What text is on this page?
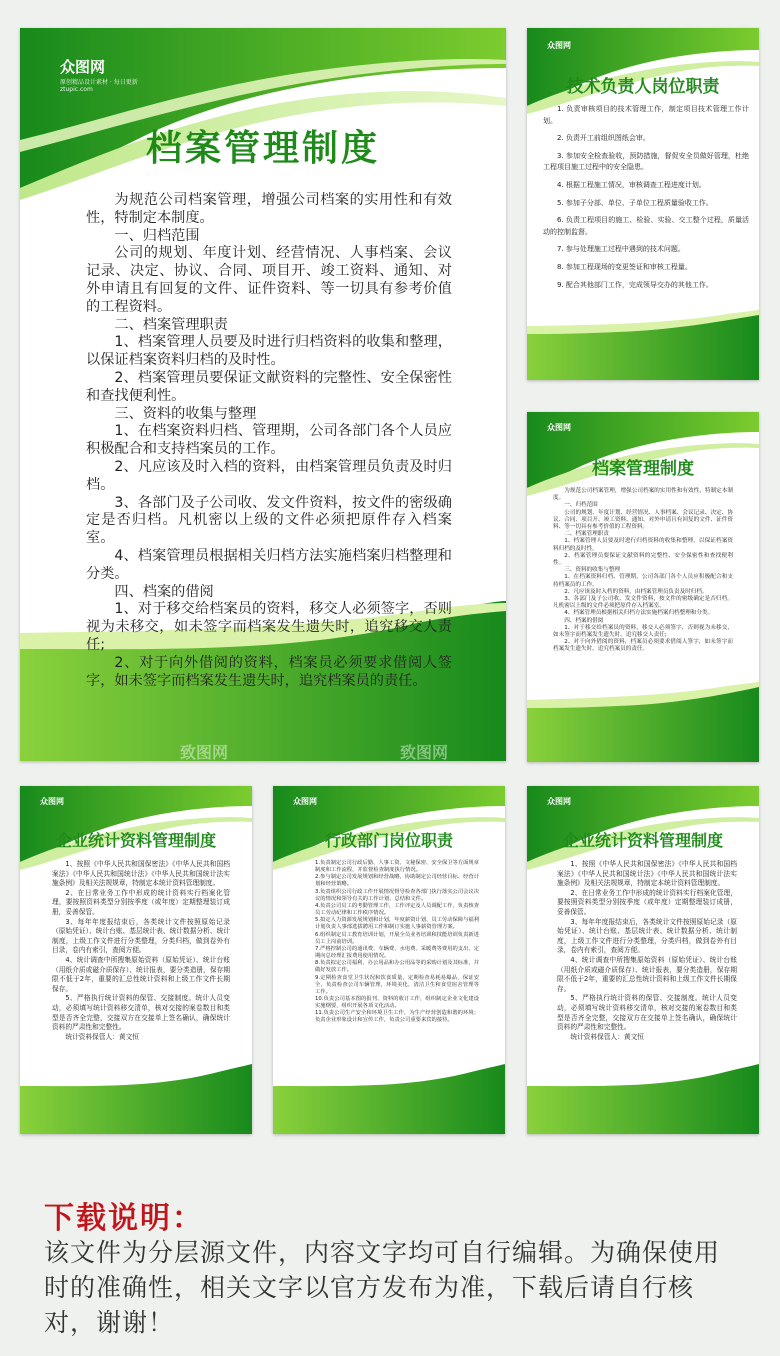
众图网
原创精品设计素材 · 每日更新
ztupic.com
档案管理制度

为规范公司档案管理，增强公司档案的实用性和有效性，特制定本制度。

一、归档范围

公司的规划、年度计划、经营情况、人事档案、会议记录、决定、协议、合同、项目开、竣工资料、通知、对外申请且有回复的文件、证件资料、等一切具有参考价值的工程资料。

二、档案管理职责

1、档案管理人员要及时进行归档资料的收集和整理，以保证档案资料归档的及时性。

2、档案管理员要保证文献资料的完整性、安全保密性和查找便利性。

三、资料的收集与整理

1、在档案资料归档、管理期，公司各部门各个人员应积极配合和支持档案员的工作。

2、凡应该及时入档的资料，由档案管理员负责及时归档。

3、各部门及子公司收、发文件资料，按文件的密级确定是否归档。凡机密以上级的文件必须把原件存入档案室。

4、档案管理员根据相关归档方法实施档案归档整理和分类。

四、档案的借阅

1、对于移交给档案员的资料，移交人必须签字，否则视为未移交，如未签字而档案发生遗失时，追究移交人责任;

2、对于向外借阅的资料，档案员必须要求借阅人签字，如未签字而档案发生遗失时，追究档案员的责任。

众图网
技术负责人岗位职责

1. 负责审核项目的技术管理工作，制定项目技术管理工作计划。

2. 负责开工前组织图纸会审。

3. 参加安全检查验收，预防措施，督促安全员做好管理，杜绝工程项目施工过程中的安全隐患。

4. 根据工程施工情况，审核调查工程进度计划。

5. 参加子分部、单位、子单位工程质量验收工作。

6. 负责工程项目的施工、检验、实验、交工整个过程，质量活动的控制监督。

7. 参与处理施工过程中遇到的技术问题。

8. 参加工程现场的变更签证和审核工程量。

9. 配合其他部门工作，完成领导交办的其他工作。

众图网
档案管理制度

为规范公司档案管理，增强公司档案的实用性和有效性，特制定本制度。

一、归档范围

公司的规划、年度计划、经营情况、人事档案、会议记录、决定、协议、合同、项目开、竣工资料、通知、对外申请且有回复的文件、证件资料、等一切具有参考价值的工程资料。

二、档案管理职责

1、档案管理人员要及时进行归档资料的收集和整理，以保证档案资料归档的及时性。

2、档案管理员要保证文献资料的完整性、安全保密性和查找便利性。

三、资料的收集与整理

1、在档案资料归档、管理期，公司各部门各个人员应积极配合和支持档案员的工作。

2、凡应该及时入档的资料，由档案管理员负责及时归档。

3、各部门及子公司收、发文件资料，按文件的密级确定是否归档。凡机密以上级的文件必须把原件存入档案室。

4、档案管理员根据相关归档方法实施档案归档整理和分类。

四、档案的借阅

1、对于移交给档案员的资料，移交人必须签字，否则视为未移交，如未签字而档案发生遗失时，追究移交人责任;

2、对于向外借阅的资料，档案员必须要求借阅人签字，如未签字而档案发生遗失时，追究档案员的责任。

众图网
企业统计资料管理制度

1、按照《中华人民共和国保密法》《中华人民共和国档案法》《中华人民共和国统计法》《中华人民共和国统计法实施条例》及相关法规规章，特制定本统计资料管理制度。

2、在日常业务工作中形成的统计资料实行档案化管理，要按照资料类型分别按季度（或年度）定期整理装订成册，妥善保管。

3、每年年度报结束后，各类统计文件按照原始记录（原始凭证）、统计台账、基层统计表、统计数据分析、统计制度，上级工作文件进行分类整理，分类归档，做到卷外有目录，卷内有索引，查阅方便。

4、统计调查中所搜集原始资料（原始凭证）、统计台账（用纸介质或磁介质保存）、统计报表，要分类造册，保存期限不低于2年，重要的汇总性统计资料和上级工作文件长期保存。

5、严格执行统计资料的保管、交接制度。统计人员变动，必须填写统计资料移交清单，核对交接的案卷数目和类型是否齐全完整，交接双方在交接单上签名确认，确保统计资料的严肃性和完整性。

统计资料保管人：黄文恒

众图网
行政部门岗位职责

1.负责制定公司行政后勤、人事工资、文秘保密、安全保卫等方面规章制度和工作流程，并监督检查制度执行情况。

2.参与制定公司发展规划和经营战略，协助制定公司经营目标、经营计划和经营策略。

3.负责组织公司行政工作开展情况督导检查各部门执行落实公司会议决议的情况和领导有关的工作计划、总结和文件。

4.负责公司员工的考勤管理工作，工作评定及人员调配工作，负责核查员工劳动纪律和工作秩序情况。

5.拟定人力资源发展规划和计划，年度薪资计划、员工劳动保障与福利计划负责人事部选拔聘用工作和制订实施人事薪资管理方案。

6.组织制定员工教育培训计划，开展全员业务培训和技能培训负责新进员工上岗前培训。

7.严格控制公司的通讯费、车辆费、水电费、采暖费等费用的支出，定期向总经理汇报费用使用情况。

8.负责拟定公司福利、办公用品和办公用品等的采购计划及其标准，并做好发放工作。

9.定期检查食堂卫生状况和饮食质量，定期检查易耗易爆品，保证安全，负责检查公司车辆管理，环境美化，清洁卫生和食堂宿舍管理等工作。

10.负责公司基本图的报刊、资料的收订工作，组织制定企业文化建设实施纲要，组织开展各项文化活动。

11.负责公司生产安全和环境卫生工作，为生产经营创造和谐的环境；负责企业形象设计和宣传工作，负责公司重要来宾的接待。

众图网
企业统计资料管理制度

1、按照《中华人民共和国保密法》《中华人民共和国档案法》《中华人民共和国统计法》《中华人民共和国统计法实施条例》及相关法规规章，特制定本统计资料管理制度。

2、在日常业务工作中形成的统计资料实行档案化管理，要按照资料类型分别按季度（或年度）定期整理装订成册，妥善保管。

3、每年年度报结束后，各类统计文件按照原始记录（原始凭证）、统计台账、基层统计表、统计数据分析、统计制度，上级工作文件进行分类整理，分类归档，做到卷外有目录，卷内有索引，查阅方便。

4、统计调查中所搜集原始资料（原始凭证）、统计台账（用纸介质或磁介质保存）、统计报表，要分类造册，保存期限不低于2年，重要的汇总性统计资料和上级工作文件长期保存。

5、严格执行统计资料的保管、交接制度。统计人员变动，必须填写统计资料移交清单，核对交接的案卷数目和类型是否齐全完整，交接双方在交接单上签名确认，确保统计资料的严肃性和完整性。

统计资料保管人：黄文恒

致图网	致图网
下载说明：
该文件为分层源文件，内容文字均可自行编辑。为确保使用时的准确性，相关文字以官方发布为准，下载后请自行核对，谢谢！
